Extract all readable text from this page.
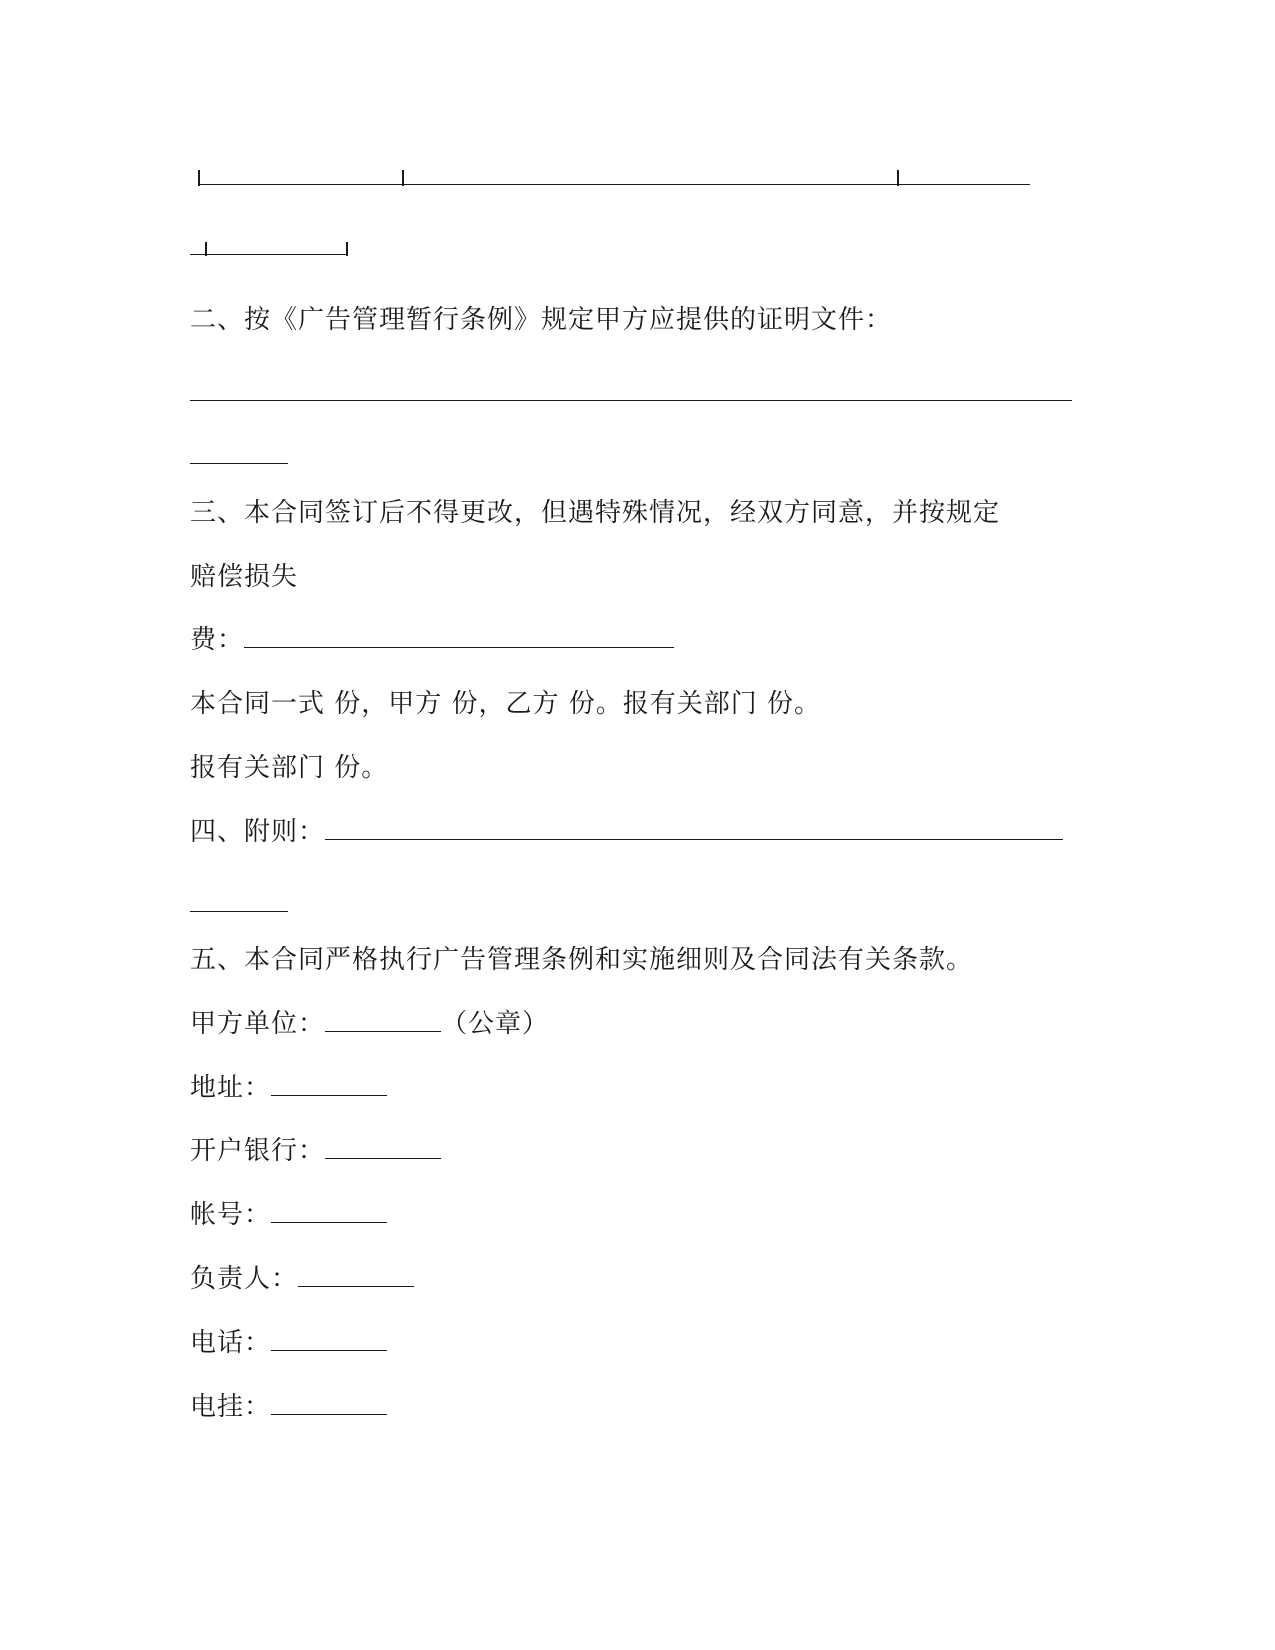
二、按《广告管理暂行条例》规定甲方应提供的证明文件：
三、本合同签订后不得更改，但遇特殊情况，经双方同意，并按规定
赔偿损失
费：
本合同一式 份，甲方 份，乙方 份。报有关部门 份。
报有关部门 份。
四、附则：
五、本合同严格执行广告管理条例和实施细则及合同法有关条款。
甲方单位：	（公章）
地址：
开户银行：
帐号：
负责人：
电话：
电挂：
